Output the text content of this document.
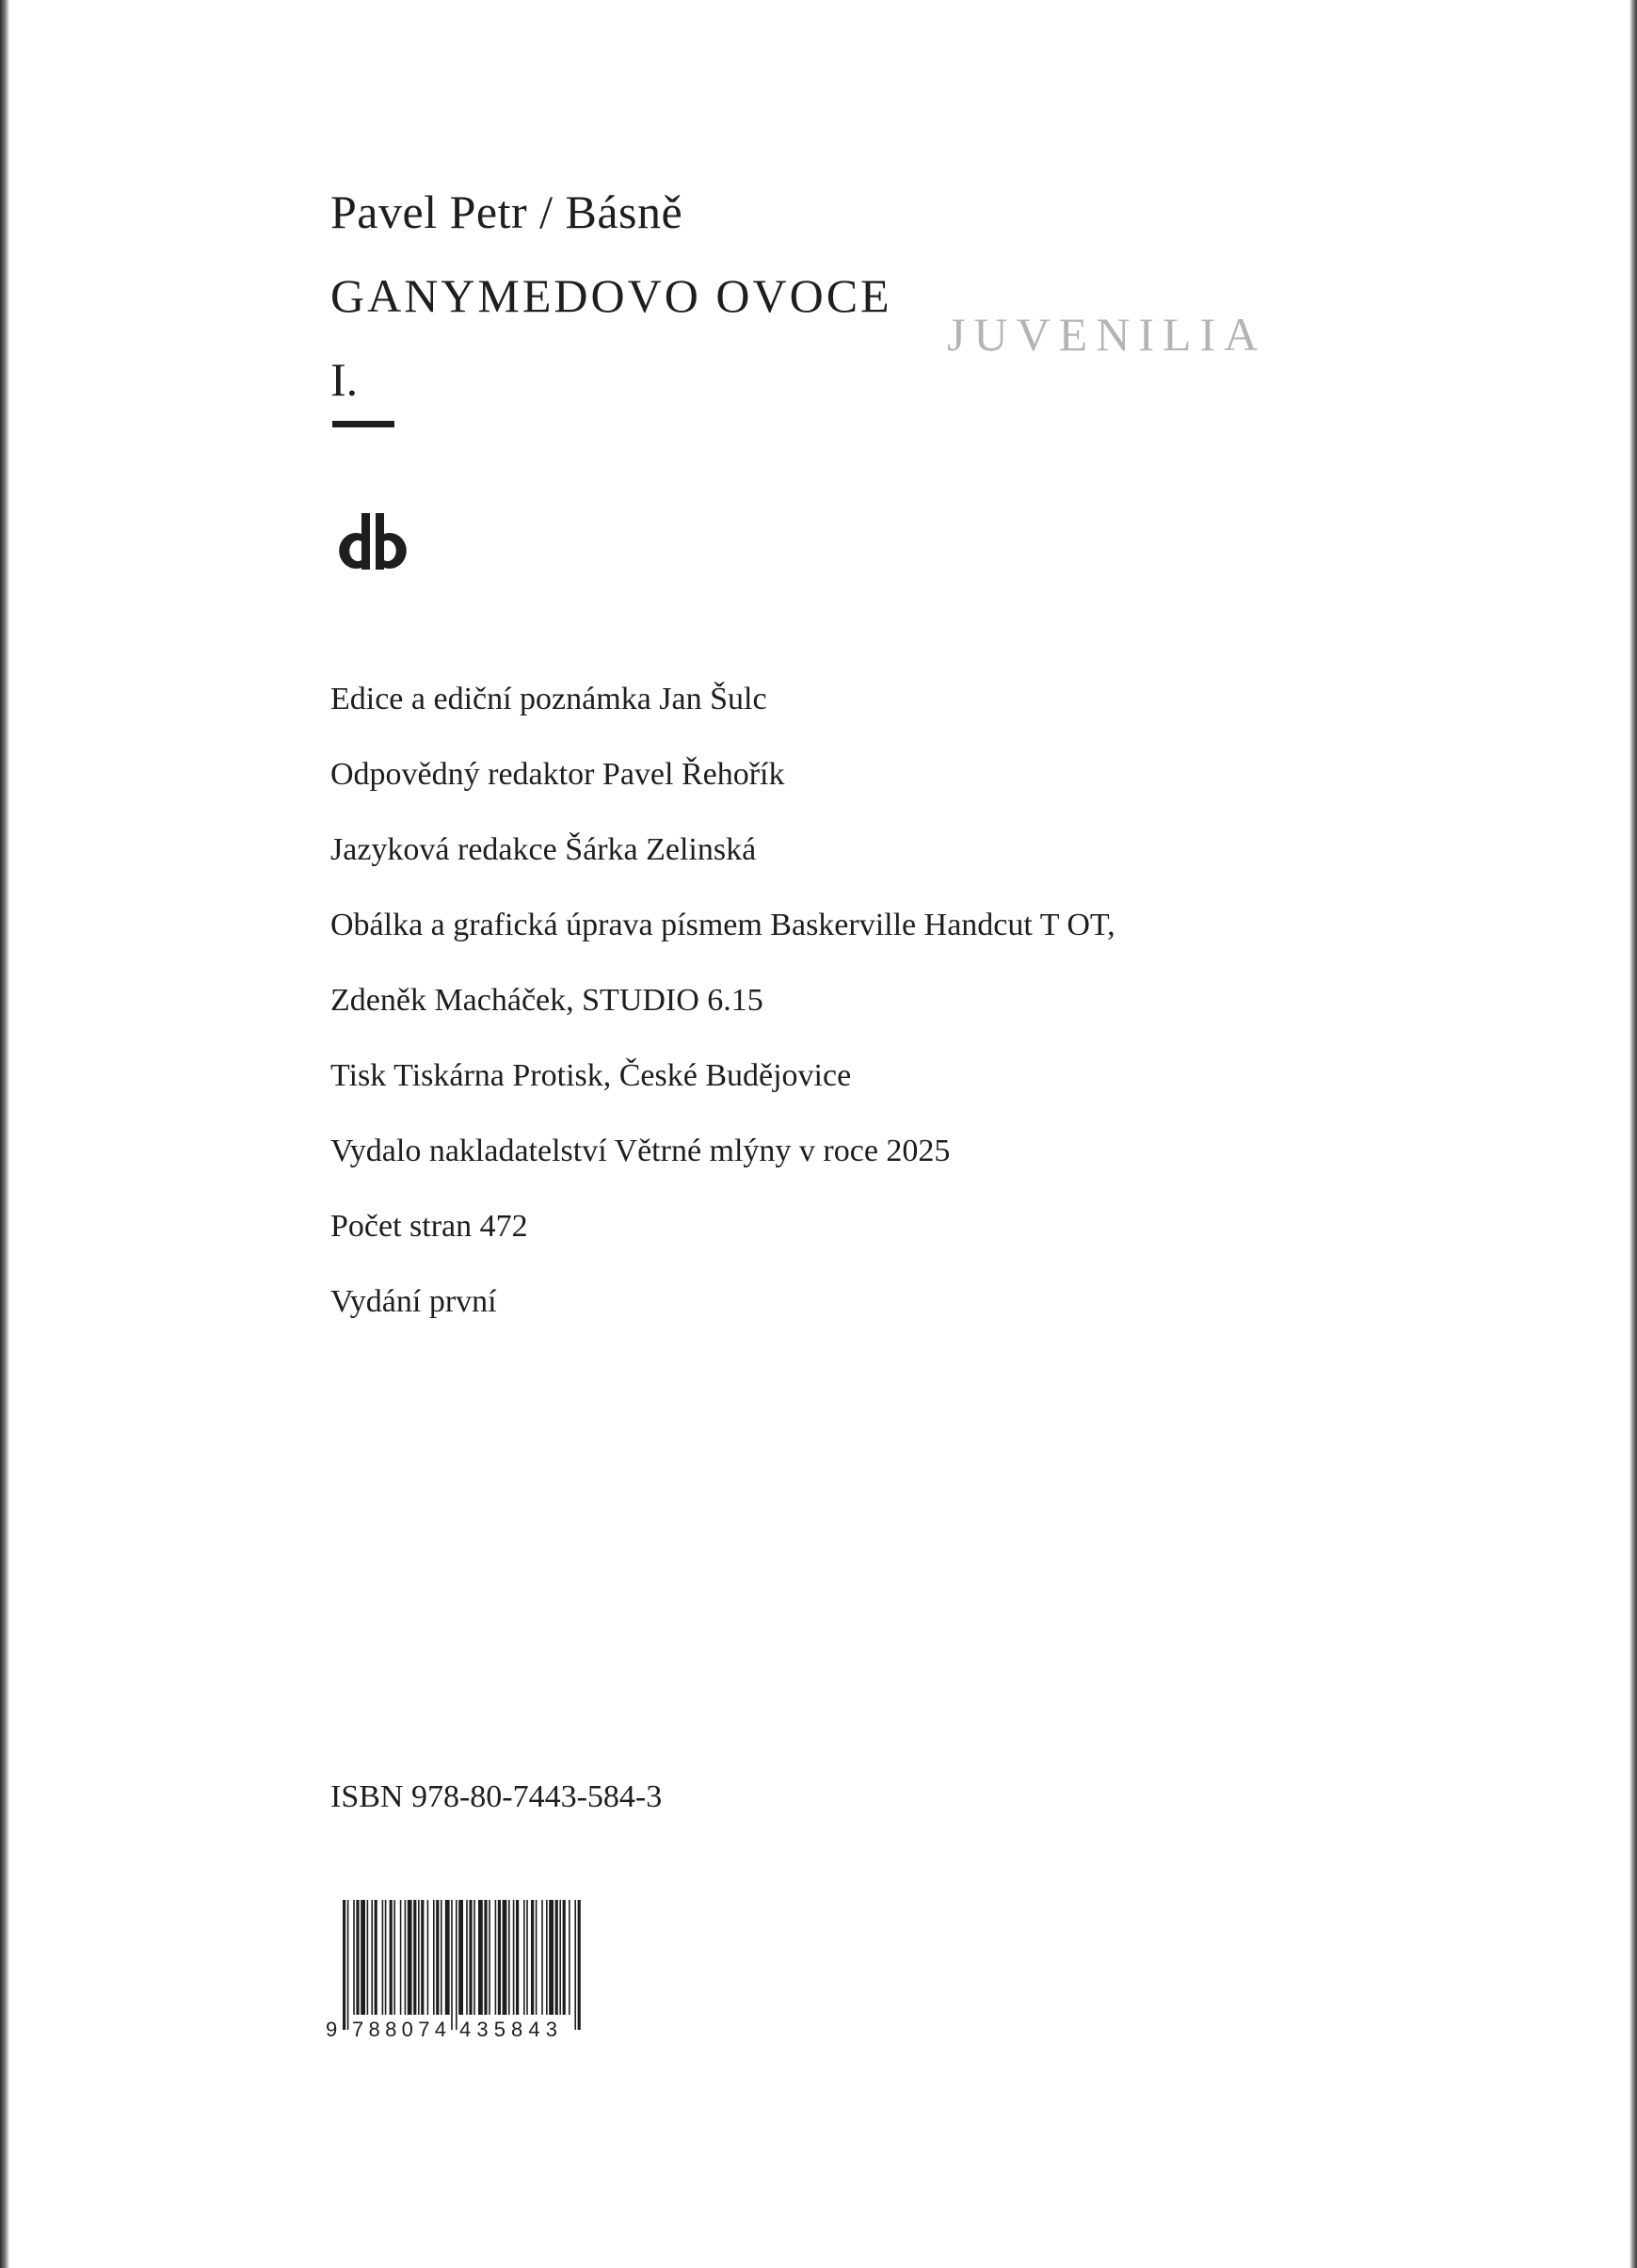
Pavel Petr / Básně
GANYMEDOVO OVOCE
JUVENILIA
I.
Edice a ediční poznámka Jan Šulc
Odpovědný redaktor Pavel Řehořík
Jazyková redakce Šárka Zelinská
Obálka a grafická úprava písmem Baskerville Handcut T OT,
Zdeněk Macháček, STUDIO 6.15
Tisk Tiskárna Protisk, České Budějovice
Vydalo nakladatelství Větrné mlýny v roce 2025
Počet stran 472
Vydání první
ISBN 978-80-7443-584-3
9 788074 435843
